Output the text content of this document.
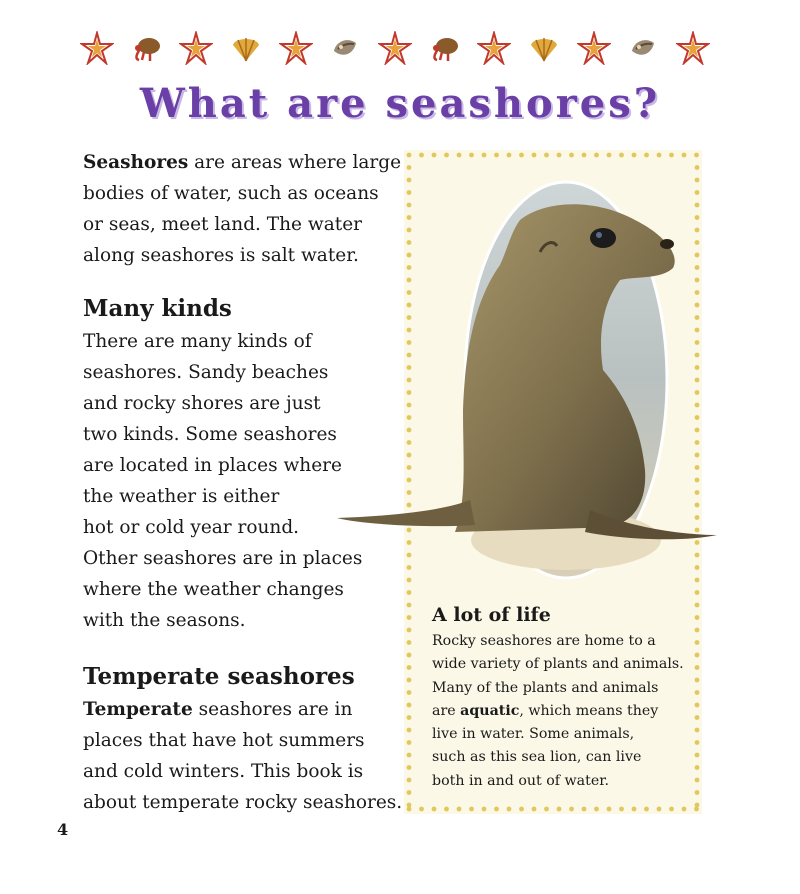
What are seashores?

Seashores are areas where large

bodies of water, such as oceans

or seas, meet land. The water

along seashores is salt water.

Many kinds

There are many kinds of

seashores. Sandy beaches

and rocky shores are just

two kinds. Some seashores

are located in places where

the weather is either

hot or cold year round.

Other seashores are in places

where the weather changes

with the seasons.

Temperate seashores

Temperate seashores are in

places that have hot summers

and cold winters. This book is

about temperate rocky seashores.

4
A lot of life
Rocky seashores are home to a
wide variety of plants and animals.
Many of the plants and animals
are aquatic, which means they
live in water. Some animals,
such as this sea lion, can live
both in and out of water.
